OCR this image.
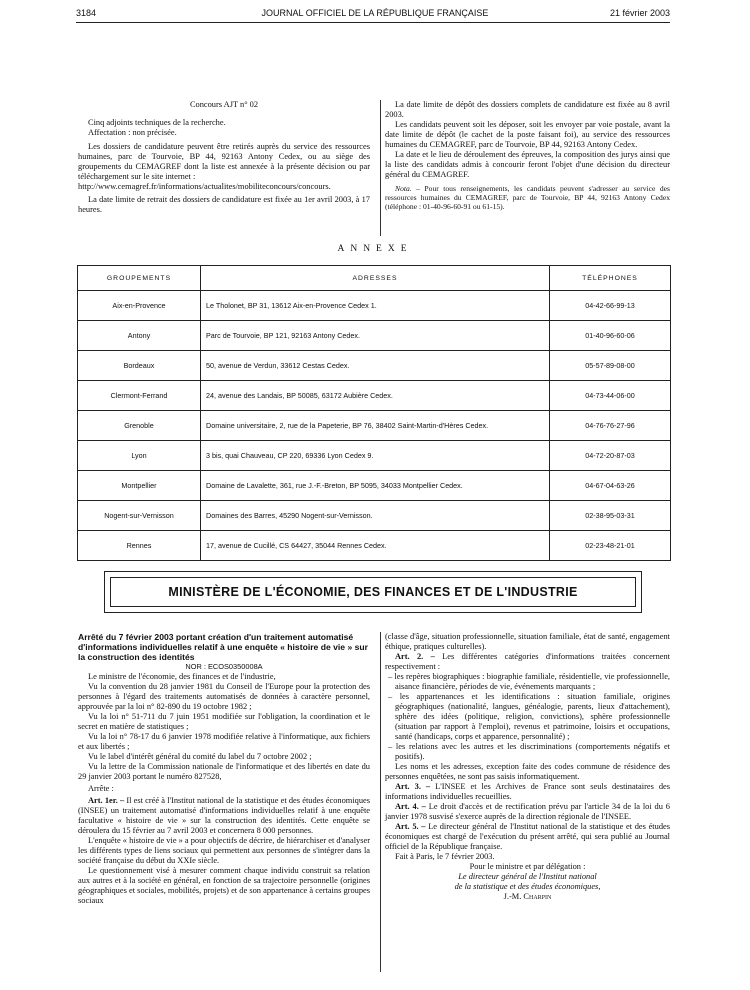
3184	JOURNAL OFFICIEL DE LA RÉPUBLIQUE FRANÇAISE	21 février 2003

Concours AJT n° 02

Cinq adjoints techniques de la recherche.

Affectation : non précisée.

Les dossiers de candidature peuvent être retirés auprès du service des ressources humaines, parc de Tourvoie, BP 44, 92163 Antony Cedex, ou au siège des groupements du CEMAGREF dont la liste est annexée à la présente décision ou par téléchargement sur le site internet :

http://www.cemagref.fr/informations/actualites/mobiliteconcours/concours.

La date limite de retrait des dossiers de candidature est fixée au 1er avril 2003, à 17 heures.

La date limite de dépôt des dossiers complets de candidature est fixée au 8 avril 2003.

Les candidats peuvent soit les déposer, soit les envoyer par voie postale, avant la date limite de dépôt (le cachet de la poste faisant foi), au service des ressources humaines du CEMAGREF, parc de Tourvoie, BP 44, 92163 Antony Cedex.

La date et le lieu de déroulement des épreuves, la composition des jurys ainsi que la liste des candidats admis à concourir feront l'objet d'une décision du directeur général du CEMAGREF.

Nota. – Pour tous renseignements, les candidats peuvent s'adresser au service des ressources humaines du CEMAGREF, parc de Tourvoie, BP 44, 92163 Antony Cedex (téléphone : 01-40-96-60-91 ou 61-15).

ANNEXE
GROUPEMENTS	ADRESSES	TÉLÉPHONES
Aix-en-Provence	Le Tholonet, BP 31, 13612 Aix-en-Provence Cedex 1.	04-42-66-99-13
Antony	Parc de Tourvoie, BP 121, 92163 Antony Cedex.	01-40-96-60-06
Bordeaux	50, avenue de Verdun, 33612 Cestas Cedex.	05-57-89-08-00
Clermont-Ferrand	24, avenue des Landais, BP 50085, 63172 Aubière Cedex.	04-73-44-06-00
Grenoble	Domaine universitaire, 2, rue de la Papeterie, BP 76, 38402 Saint-Martin-d'Hères Cedex.	04-76-76-27-96
Lyon	3 bis, quai Chauveau, CP 220, 69336 Lyon Cedex 9.	04-72-20-87-03
Montpellier	Domaine de Lavalette, 361, rue J.-F.-Breton, BP 5095, 34033 Montpellier Cedex.	04-67-04-63-26
Nogent-sur-Vernisson	Domaines des Barres, 45290 Nogent-sur-Vernisson.	02-38-95-03-31
Rennes	17, avenue de Cucillé, CS 64427, 35044 Rennes Cedex.	02-23-48-21-01
MINISTÈRE DE L'ÉCONOMIE, DES FINANCES ET DE L'INDUSTRIE

Arrêté du 7 février 2003 portant création d'un traitement automatisé d'informations individuelles relatif à une enquête « histoire de vie » sur la construction des identités

NOR : ECOS0350008A

Le ministre de l'économie, des finances et de l'industrie,

Vu la convention du 28 janvier 1981 du Conseil de l'Europe pour la protection des personnes à l'égard des traitements automatisés de données à caractère personnel, approuvée par la loi n° 82-890 du 19 octobre 1982 ;

Vu la loi n° 51-711 du 7 juin 1951 modifiée sur l'obligation, la coordination et le secret en matière de statistiques ;

Vu la loi n° 78-17 du 6 janvier 1978 modifiée relative à l'informatique, aux fichiers et aux libertés ;

Vu le label d'intérêt général du comité du label du 7 octobre 2002 ;

Vu la lettre de la Commission nationale de l'informatique et des libertés en date du 29 janvier 2003 portant le numéro 827528,

Arrête :

Art. 1er. – Il est créé à l'Institut national de la statistique et des études économiques (INSEE) un traitement automatisé d'informations individuelles relatif à une enquête facultative « histoire de vie » sur la construction des identités. Cette enquête se déroulera du 15 février au 7 avril 2003 et concernera 8 000 personnes.

L'enquête « histoire de vie » a pour objectifs de décrire, de hiérarchiser et d'analyser les différents types de liens sociaux qui permettent aux personnes de s'intégrer dans la société française du début du XXIe siècle.

Le questionnement visé à mesurer comment chaque individu construit sa relation aux autres et à la société en général, en fonction de sa trajectoire personnelle (origines géographiques et sociales, mobilités, projets) et de son appartenance à certains groupes sociaux

(classe d'âge, situation professionnelle, situation familiale, état de santé, engagement éthique, pratiques culturelles).

Art. 2. – Les différentes catégories d'informations traitées concernent respectivement :

– les repères biographiques : biographie familiale, résidentielle, vie professionnelle, aisance financière, périodes de vie, événements marquants ;

– les appartenances et les identifications : situation familiale, origines géographiques (nationalité, langues, généalogie, parents, lieux d'attachement), sphère des idées (politique, religion, convictions), sphère professionnelle (situation par rapport à l'emploi), revenus et patrimoine, loisirs et occupations, santé (handicaps, corps et apparence, personnalité) ;

– les relations avec les autres et les discriminations (comportements négatifs et positifs).

Les noms et les adresses, exception faite des codes commune de résidence des personnes enquêtées, ne sont pas saisis informatiquement.

Art. 3. – L'INSEE et les Archives de France sont seuls destinataires des informations individuelles recueillies.

Art. 4. – Le droit d'accès et de rectification prévu par l'article 34 de la loi du 6 janvier 1978 susvisé s'exerce auprès de la direction régionale de l'INSEE.

Art. 5. – Le directeur général de l'Institut national de la statistique et des études économiques est chargé de l'exécution du présent arrêté, qui sera publié au Journal officiel de la République française.

Fait à Paris, le 7 février 2003.

Pour le ministre et par délégation :

Le directeur général de l'Institut national

de la statistique et des études économiques,

J.-M. Charpin
